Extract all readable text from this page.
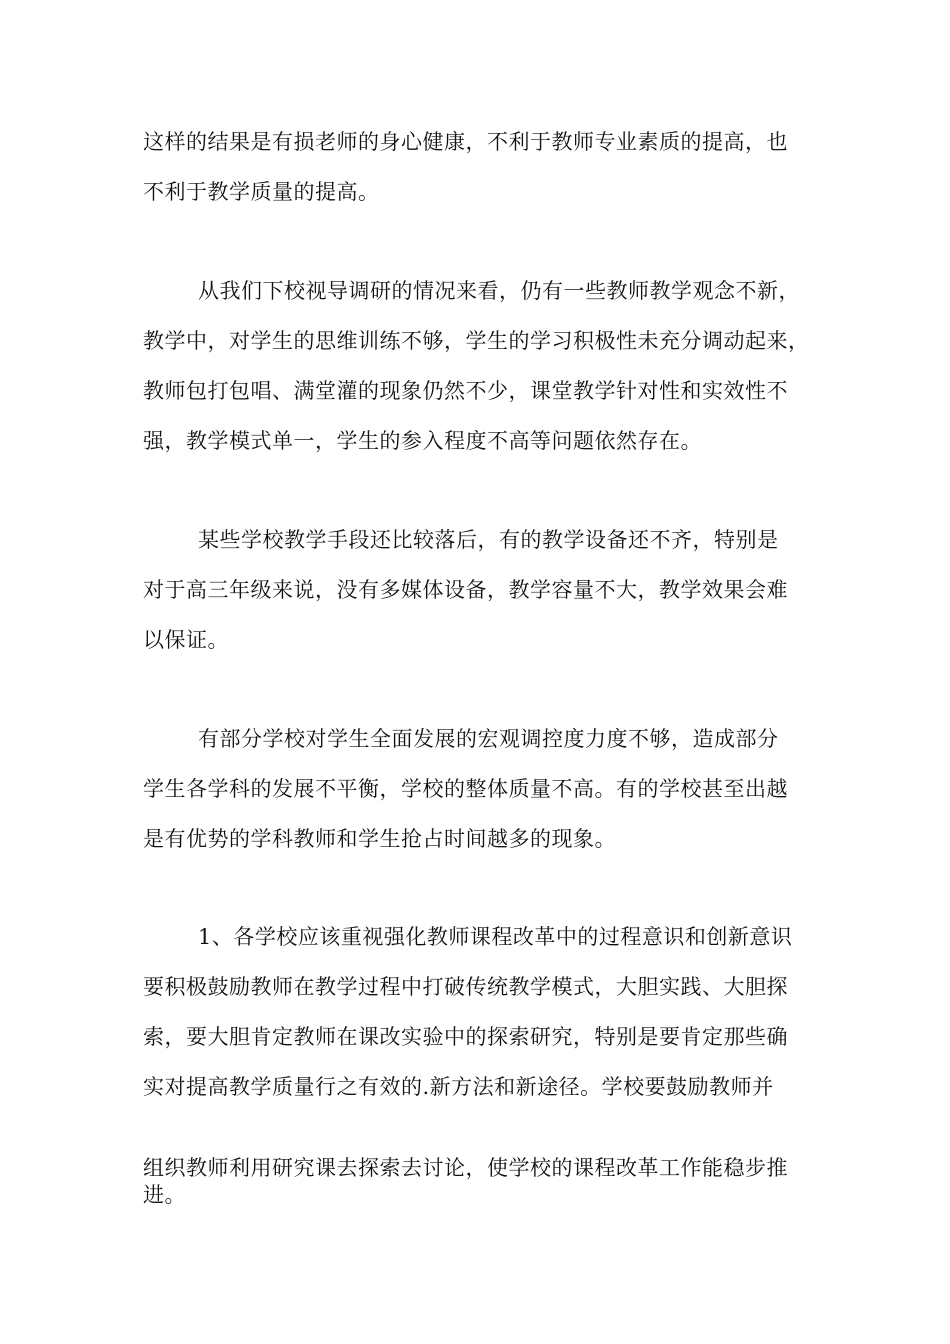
这样的结果是有损老师的身心健康，不利于教师专业素质的提高，也
不利于教学质量的提高。
从我们下校视导调研的情况来看，仍有一些教师教学观念不新，
教学中，对学生的思维训练不够，学生的学习积极性未充分调动起来，
教师包打包唱、满堂灌的现象仍然不少，课堂教学针对性和实效性不
强，教学模式单一，学生的参入程度不高等问题依然存在。
某些学校教学手段还比较落后，有的教学设备还不齐，特别是
对于高三年级来说，没有多媒体设备，教学容量不大，教学效果会难
以保证。
有部分学校对学生全面发展的宏观调控度力度不够，造成部分
学生各学科的发展不平衡，学校的整体质量不高。有的学校甚至出越
是有优势的学科教师和学生抢占时间越多的现象。
1、各学校应该重视强化教师课程改革中的过程意识和创新意识
要积极鼓励教师在教学过程中打破传统教学模式，大胆实践、大胆探
索，要大胆肯定教师在课改实验中的探索研究，特别是要肯定那些确
实对提高教学质量行之有效的.新方法和新途径。学校要鼓励教师并
组织教师利用研究课去探索去讨论，使学校的课程改革工作能稳步推
进。
